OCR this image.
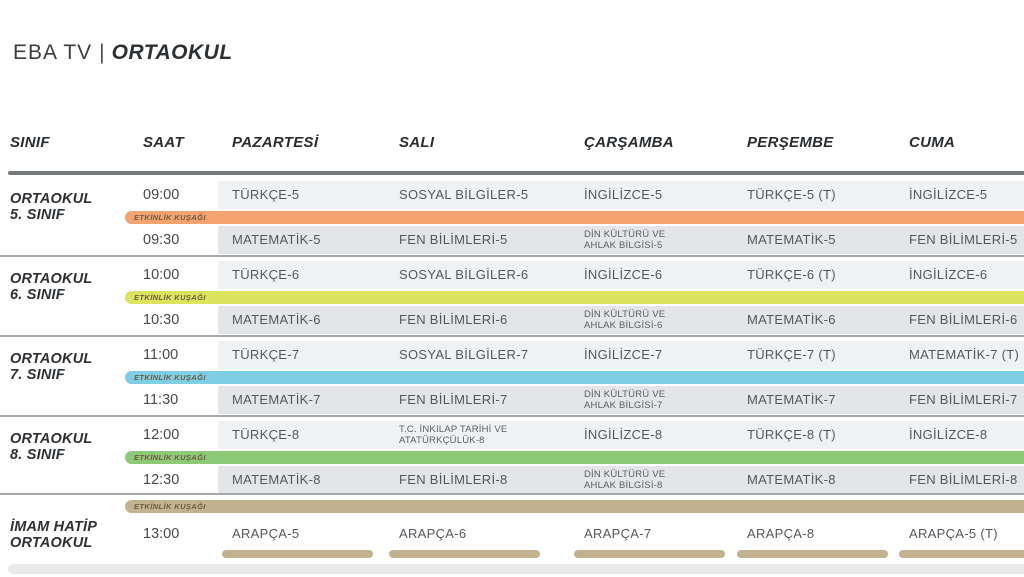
EBA TV | ORTAOKUL
SINIF	SAAT	PAZARTESİ	SALI	ÇARŞAMBA	PERŞEMBE	CUMA
ORTAOKUL
5. SINIF
09:00	TÜRKÇE-5	SOSYAL BİLGİLER-5	İNGİLİZCE-5	TÜRKÇE-5 (T)	İNGİLİZCE-5
ETKİNLİK KUŞAĞI
09:30	MATEMATİK-5	FEN BİLİMLERİ-5	DİN KÜLTÜRÜ VE
AHLAK BİLGİSİ-5	MATEMATİK-5	FEN BİLİMLERİ-5
ORTAOKUL
6. SINIF
10:00	TÜRKÇE-6	SOSYAL BİLGİLER-6	İNGİLİZCE-6	TÜRKÇE-6 (T)	İNGİLİZCE-6
ETKİNLİK KUŞAĞI
10:30	MATEMATİK-6	FEN BİLİMLERİ-6	DİN KÜLTÜRÜ VE
AHLAK BİLGİSİ-6	MATEMATİK-6	FEN BİLİMLERİ-6
ORTAOKUL
7. SINIF
11:00	TÜRKÇE-7	SOSYAL BİLGİLER-7	İNGİLİZCE-7	TÜRKÇE-7 (T)	MATEMATİK-7 (T)
ETKİNLİK KUŞAĞI
11:30	MATEMATİK-7	FEN BİLİMLERİ-7	DİN KÜLTÜRÜ VE
AHLAK BİLGİSİ-7	MATEMATİK-7	FEN BİLİMLERİ-7
ORTAOKUL
8. SINIF
12:00	TÜRKÇE-8	T.C. İNKILAP TARİHİ VE
ATATÜRKÇÜLÜK-8	İNGİLİZCE-8	TÜRKÇE-8 (T)	İNGİLİZCE-8
ETKİNLİK KUŞAĞI
12:30	MATEMATİK-8	FEN BİLİMLERİ-8	DİN KÜLTÜRÜ VE
AHLAK BİLGİSİ-8	MATEMATİK-8	FEN BİLİMLERİ-8
ETKİNLİK KUŞAĞI
İMAM HATİP
ORTAOKUL
13:00	ARAPÇA-5	ARAPÇA-6	ARAPÇA-7	ARAPÇA-8	ARAPÇA-5 (T)
